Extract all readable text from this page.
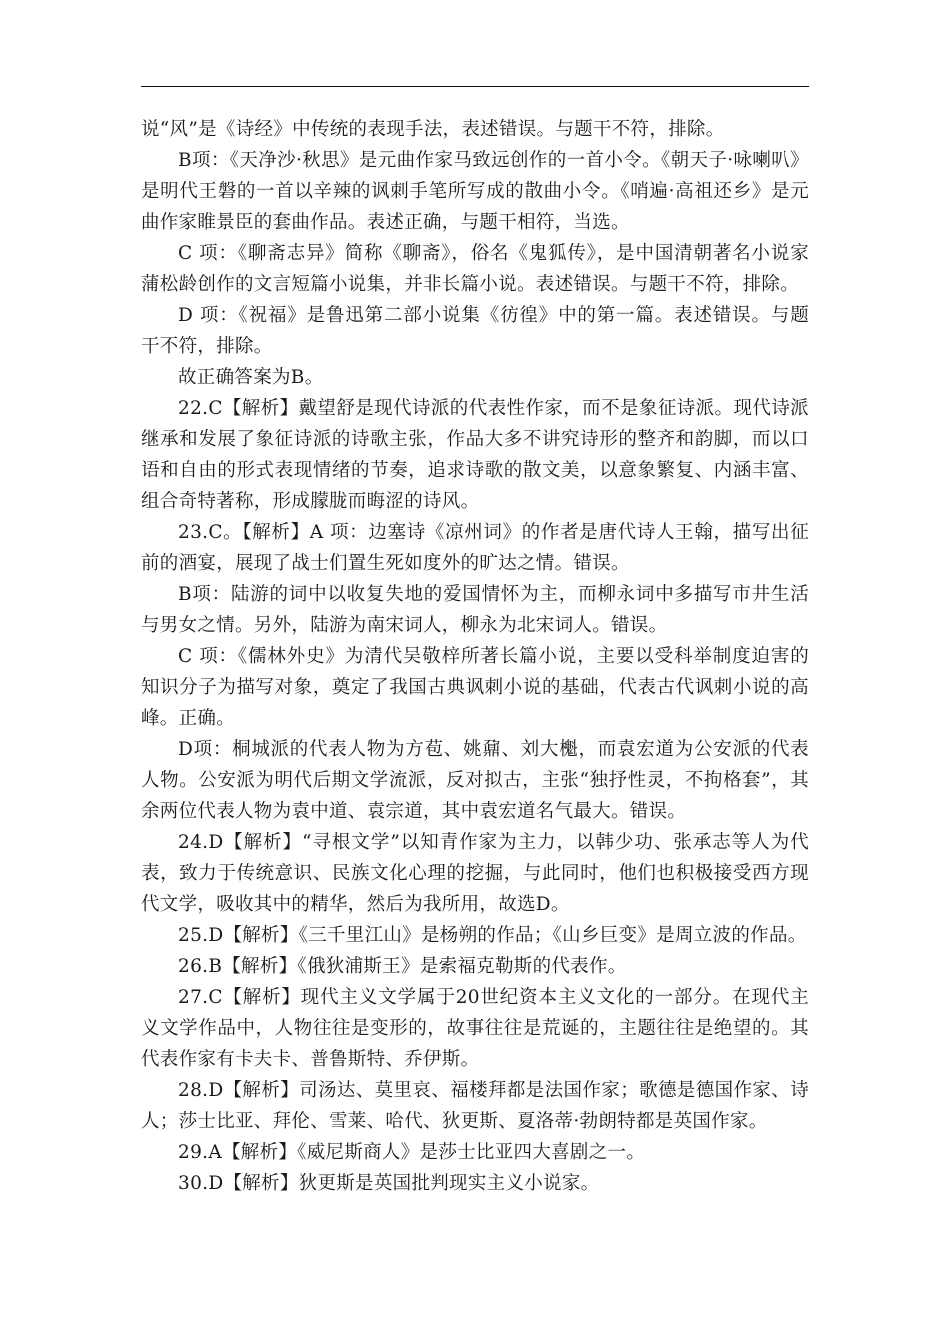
说“风”是《诗经》中传统的表现手法，表述错误。与题干不符，排除。

B项：《天净沙·秋思》是元曲作家马致远创作的一首小令。《朝天子·咏喇叭》是明代王磐的一首以辛辣的讽刺手笔所写成的散曲小令。《哨遍·高祖还乡》是元曲作家睢景臣的套曲作品。表述正确，与题干相符，当选。

C 项：《聊斋志异》简称《聊斋》，俗名《鬼狐传》，是中国清朝著名小说家蒲松龄创作的文言短篇小说集，并非长篇小说。表述错误。与题干不符，排除。

D 项：《祝福》是鲁迅第二部小说集《彷徨》中的第一篇。表述错误。与题干不符，排除。

故正确答案为B。

22.C【解析】戴望舒是现代诗派的代表性作家，而不是象征诗派。现代诗派继承和发展了象征诗派的诗歌主张，作品大多不讲究诗形的整齐和韵脚，而以口语和自由的形式表现情绪的节奏，追求诗歌的散文美，以意象繁复、内涵丰富、组合奇特著称，形成朦胧而晦涩的诗风。

23.C。【解析】A 项：边塞诗《凉州词》的作者是唐代诗人王翰，描写出征前的酒宴，展现了战士们置生死如度外的旷达之情。错误。

B项：陆游的词中以收复失地的爱国情怀为主，而柳永词中多描写市井生活与男女之情。另外，陆游为南宋词人，柳永为北宋词人。错误。

C 项：《儒林外史》为清代吴敬梓所著长篇小说，主要以受科举制度迫害的知识分子为描写对象，奠定了我国古典讽刺小说的基础，代表古代讽刺小说的高峰。正确。

D项：桐城派的代表人物为方苞、姚鼐、刘大櫆，而袁宏道为公安派的代表人物。公安派为明代后期文学流派，反对拟古，主张“独抒性灵，不拘格套”，其余两位代表人物为袁中道、袁宗道，其中袁宏道名气最大。错误。

24.D【解析】“寻根文学”以知青作家为主力，以韩少功、张承志等人为代表，致力于传统意识、民族文化心理的挖掘，与此同时，他们也积极接受西方现代文学，吸收其中的精华，然后为我所用，故选D。

25.D【解析】《三千里江山》是杨朔的作品；《山乡巨变》是周立波的作品。

26.B【解析】《俄狄浦斯王》是索福克勒斯的代表作。

27.C【解析】现代主义文学属于20世纪资本主义文化的一部分。在现代主义文学作品中，人物往往是变形的，故事往往是荒诞的，主题往往是绝望的。其代表作家有卡夫卡、普鲁斯特、乔伊斯。

28.D【解析】司汤达、莫里哀、福楼拜都是法国作家；歌德是德国作家、诗人；莎士比亚、拜伦、雪莱、哈代、狄更斯、夏洛蒂·勃朗特都是英国作家。

29.A【解析】《威尼斯商人》是莎士比亚四大喜剧之一。

30.D【解析】狄更斯是英国批判现实主义小说家。
